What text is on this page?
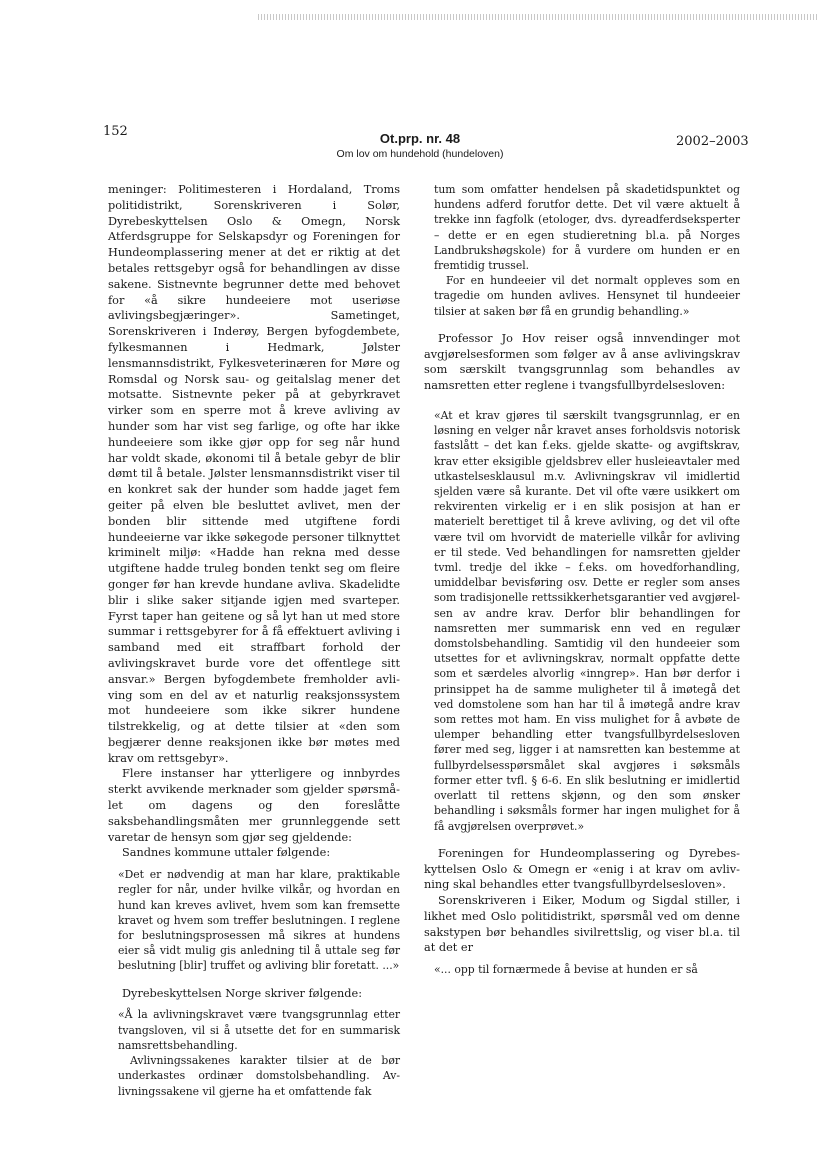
152	Ot.prp. nr. 48
Om lov om hundehold (hundeloven)
2002–2003

meninger: Politimesteren i Hordaland, Troms politidistrikt, Sorenskriveren i Solør, Dyrebeskyttelsen Oslo & Omegn, Norsk Atferdsgruppe for Selskapsdyr og Foreningen for Hundeomplassering mener at det er riktig at det betales rettsgebyr også for behandlingen av disse sakene. Sistnevnte begrunner dette med behovet for «å sikre hundeeiere mot useriøse avlivingsbegjæringer». Sametinget, Sorenskriveren i Inderøy, Bergen byfogdembete, fylkesmannen i Hedmark, Jølster lensmannsdistrikt, Fylkesveterinæren for Møre og Romsdal og Norsk sau- og geitalslag mener det motsatte. Sistnevnte peker på at gebyrkravet virker som en sperre mot å kreve avliving av hunder som har vist seg farlige, og ofte har ikke hundeeiere som ikke gjør opp for seg når hund har voldt skade, økonomi til å betale gebyr de blir dømt til å betale. Jølster lensmannsdistrikt viser til en konkret sak der hunder som hadde jaget fem geiter på elven ble besluttet avlivet, men der bonden blir sittende med utgiftene fordi hundeeierne var ikke søkegode personer tilknyttet kriminelt miljø: «Hadde han rekna med desse utgiftene hadde truleg bonden tenkt seg om fleire gonger før han krevde hundane avliva. Skadelidte blir i slike saker sitjande igjen med svarteper. Fyrst taper han geitene og så lyt han ut med store summar i rettsgebyrer for å få effektuert avliving i samband med eit straffbart forhold der avlivingskravet burde vore det offentlege sitt ansvar.» Bergen byfogdembete fremholder avliving som en del av et naturlig reaksjonssystem mot hundeeiere som ikke sikrer hundene tilstrekkelig, og at dette tilsier at «den som begjærer denne reaksjonen ikke bør møtes med krav om rettsgebyr».

Flere instanser har ytterligere og innbyrdes sterkt avvikende merknader som gjelder spørsmålet om dagens og den foreslåtte saksbehandlingsmåten mer grunnleggende sett varetar de hensyn som gjør seg gjeldende:

Sandnes kommune uttaler følgende:

«Det er nødvendig at man har klare, praktikable regler for når, under hvilke vilkår, og hvordan en hund kan kreves avlivet, hvem som kan fremsette kravet og hvem som treffer beslutningen. I reglene for beslutningsprosessen må sikres at hundens eier så vidt mulig gis anledning til å uttale seg før beslutning [blir] truffet og avliving blir foretatt. ...»

Dyrebeskyttelsen Norge skriver følgende:

«Å la avlivningskravet være tvangsgrunnlag etter tvangsloven, vil si å utsette det for en summarisk namsrettsbehandling.

Avlivningssakenes karakter tilsier at de bør underkastes ordinær domstolsbehandling. Avlivningssakene vil gjerne ha et omfattende fak

tum som omfatter hendelsen på skadetidspunktet og hundens adferd forutfor dette. Det vil være aktuelt å trekke inn fagfolk (etologer, dvs. dyreadferdseksperter – dette er en egen studieretning bl.a. på Norges Landbrukshøgskole) for å vurdere om hunden er en fremtidig trussel.

For en hundeeier vil det normalt oppleves som en tragedie om hunden avlives. Hensynet til hundeeier tilsier at saken bør få en grundig behandling.»

Professor Jo Hov reiser også innvendinger mot avgjørelsesformen som følger av å anse avlivingskrav som særskilt tvangsgrunnlag som behandles av namsretten etter reglene i tvangsfullbyrdelsesloven:

«At et krav gjøres til særskilt tvangsgrunnlag, er en løsning en velger når kravet anses forholdsvis notorisk fastslått – det kan f.eks. gjelde skatte- og avgiftskrav, krav etter eksigible gjeldsbrev eller husleieavtaler med utkastelsesklausul m.v. Avlivningskrav vil imidlertid sjelden være så kurante. Det vil ofte være usikkert om rekvirenten virkelig er i en slik posisjon at han er materielt berettiget til å kreve avliving, og det vil ofte være tvil om hvorvidt de materielle vilkår for avliving er til stede. Ved behandlingen for namsretten gjelder tvml. tredje del ikke – f.eks. om hovedforhandling, umiddelbar bevisføring osv. Dette er regler som anses som tradisjonelle rettssikkerhetsgarantier ved avgjørelsen av andre krav. Derfor blir behandlingen for namsretten mer summarisk enn ved en regulær domstolsbehandling. Samtidig vil den hundeeier som utsettes for et avlivningskrav, normalt oppfatte dette som et særdeles alvorlig «inngrep». Han bør derfor i prinsippet ha de samme muligheter til å imøtegå det ved domstolene som han har til å imøtegå andre krav som rettes mot ham. En viss mulighet for å avbøte de ulemper behandling etter tvangsfullbyrdelsesloven fører med seg, ligger i at namsretten kan bestemme at fullbyrdelsesspørsmålet skal avgjøres i søksmåls former etter tvfl. § 6-6. En slik beslutning er imidlertid overlatt til rettens skjønn, og den som ønsker behandling i søksmåls former har ingen mulighet for å få avgjørelsen overprøvet.»

Foreningen for Hundeomplassering og Dyrebeskyttelsen Oslo & Omegn er «enig i at krav om avlivning skal behandles etter tvangsfullbyrdelsesloven».

Sorenskriveren i Eiker, Modum og Sigdal stiller, i likhet med Oslo politidistrikt, spørsmål ved om denne sakstypen bør behandles sivilrettslig, og viser bl.a. til at det er

«... opp til fornærmede å bevise at hunden er så
